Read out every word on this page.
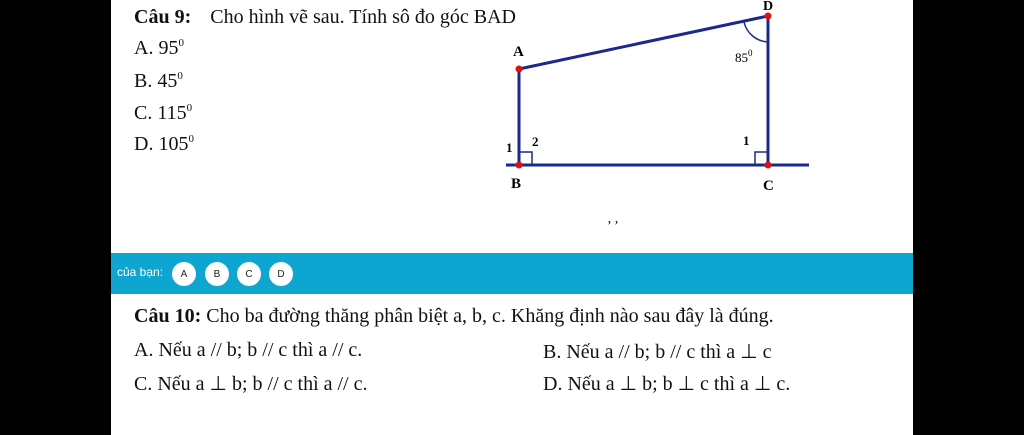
Câu 9: Cho hình vẽ sau. Tính sô đo góc BAD
A. $95^0$
B. $45^0$
C. $115^0$
D. $105^0$
A
B	C
D
$85^0$
1 2	1
’ ’
của bạn:	A	B	C	D
Câu 10: Cho ba đường thăng phân biệt a, b, c. Khăng định nào sau đây là đúng.
A. Nếu a // b; b // c thì a // c.	B. Nếu a // b; b // c thì a ⊥ c
C. Nếu a ⊥ b; b // c thì a // c.	D. Nếu a ⊥ b; b ⊥ c thì a ⊥ c.
